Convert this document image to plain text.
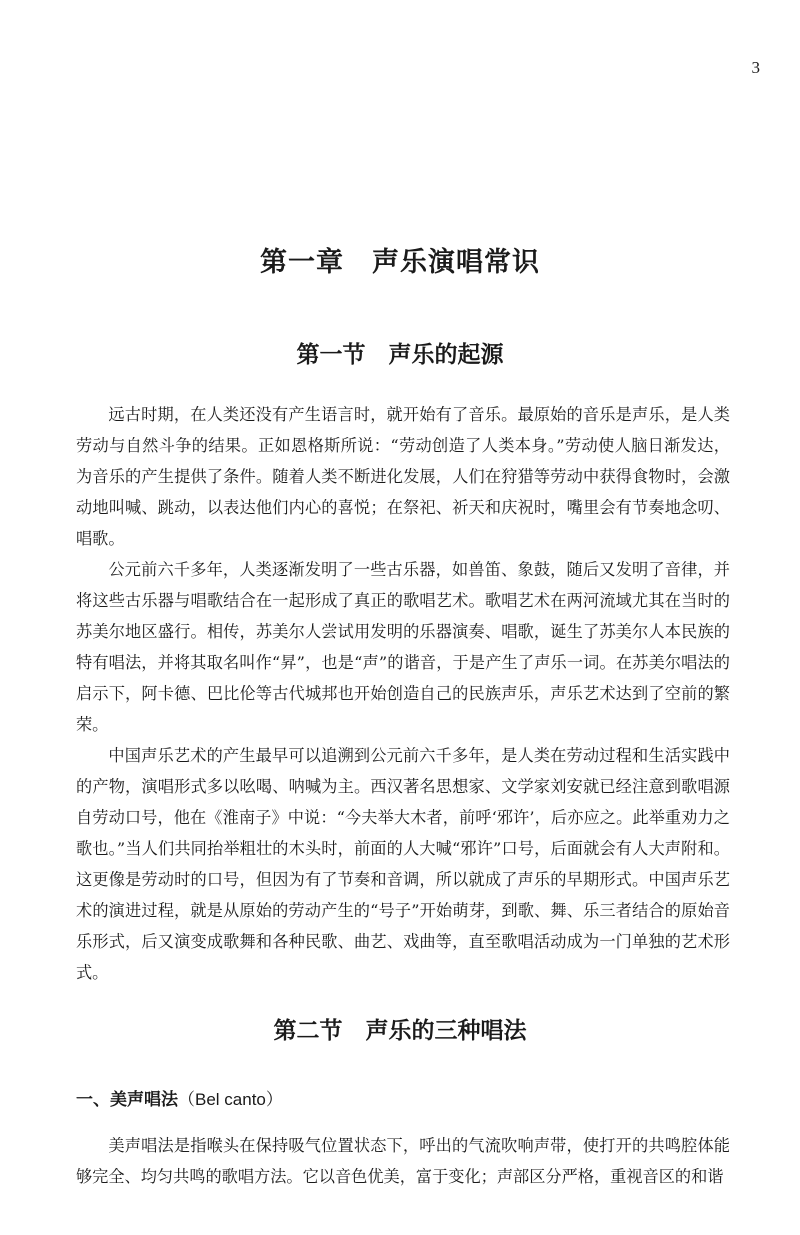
3
第一章　声乐演唱常识
第一节　声乐的起源

远古时期，在人类还没有产生语言时，就开始有了音乐。最原始的音乐是声乐，是人类劳动与自然斗争的结果。正如恩格斯所说：“劳动创造了人类本身。”劳动使人脑日渐发达，为音乐的产生提供了条件。随着人类不断进化发展，人们在狩猎等劳动中获得食物时，会激动地叫喊、跳动，以表达他们内心的喜悦；在祭祀、祈天和庆祝时，嘴里会有节奏地念叨、唱歌。

公元前六千多年，人类逐渐发明了一些古乐器，如兽笛、象鼓，随后又发明了音律，并将这些古乐器与唱歌结合在一起形成了真正的歌唱艺术。歌唱艺术在两河流域尤其在当时的苏美尔地区盛行。相传，苏美尔人尝试用发明的乐器演奏、唱歌，诞生了苏美尔人本民族的特有唱法，并将其取名叫作“昇”，也是“声”的谐音，于是产生了声乐一词。在苏美尔唱法的启示下，阿卡德、巴比伦等古代城邦也开始创造自己的民族声乐，声乐艺术达到了空前的繁荣。

中国声乐艺术的产生最早可以追溯到公元前六千多年，是人类在劳动过程和生活实践中的产物，演唱形式多以吆喝、呐喊为主。西汉著名思想家、文学家刘安就已经注意到歌唱源自劳动口号，他在《淮南子》中说：“今夫举大木者，前呼‘邪许’，后亦应之。此举重劝力之歌也。”当人们共同抬举粗壮的木头时，前面的人大喊“邪许”口号，后面就会有人大声附和。这更像是劳动时的口号，但因为有了节奏和音调，所以就成了声乐的早期形式。中国声乐艺术的演进过程，就是从原始的劳动产生的“号子”开始萌芽，到歌、舞、乐三者结合的原始音乐形式，后又演变成歌舞和各种民歌、曲艺、戏曲等，直至歌唱活动成为一门单独的艺术形式。

第二节　声乐的三种唱法
一、美声唱法（Bel canto）

美声唱法是指喉头在保持吸气位置状态下，呼出的气流吹响声带，使打开的共鸣腔体能够完全、均匀共鸣的歌唱方法。它以音色优美，富于变化；声部区分严格，重视音区的和谐
